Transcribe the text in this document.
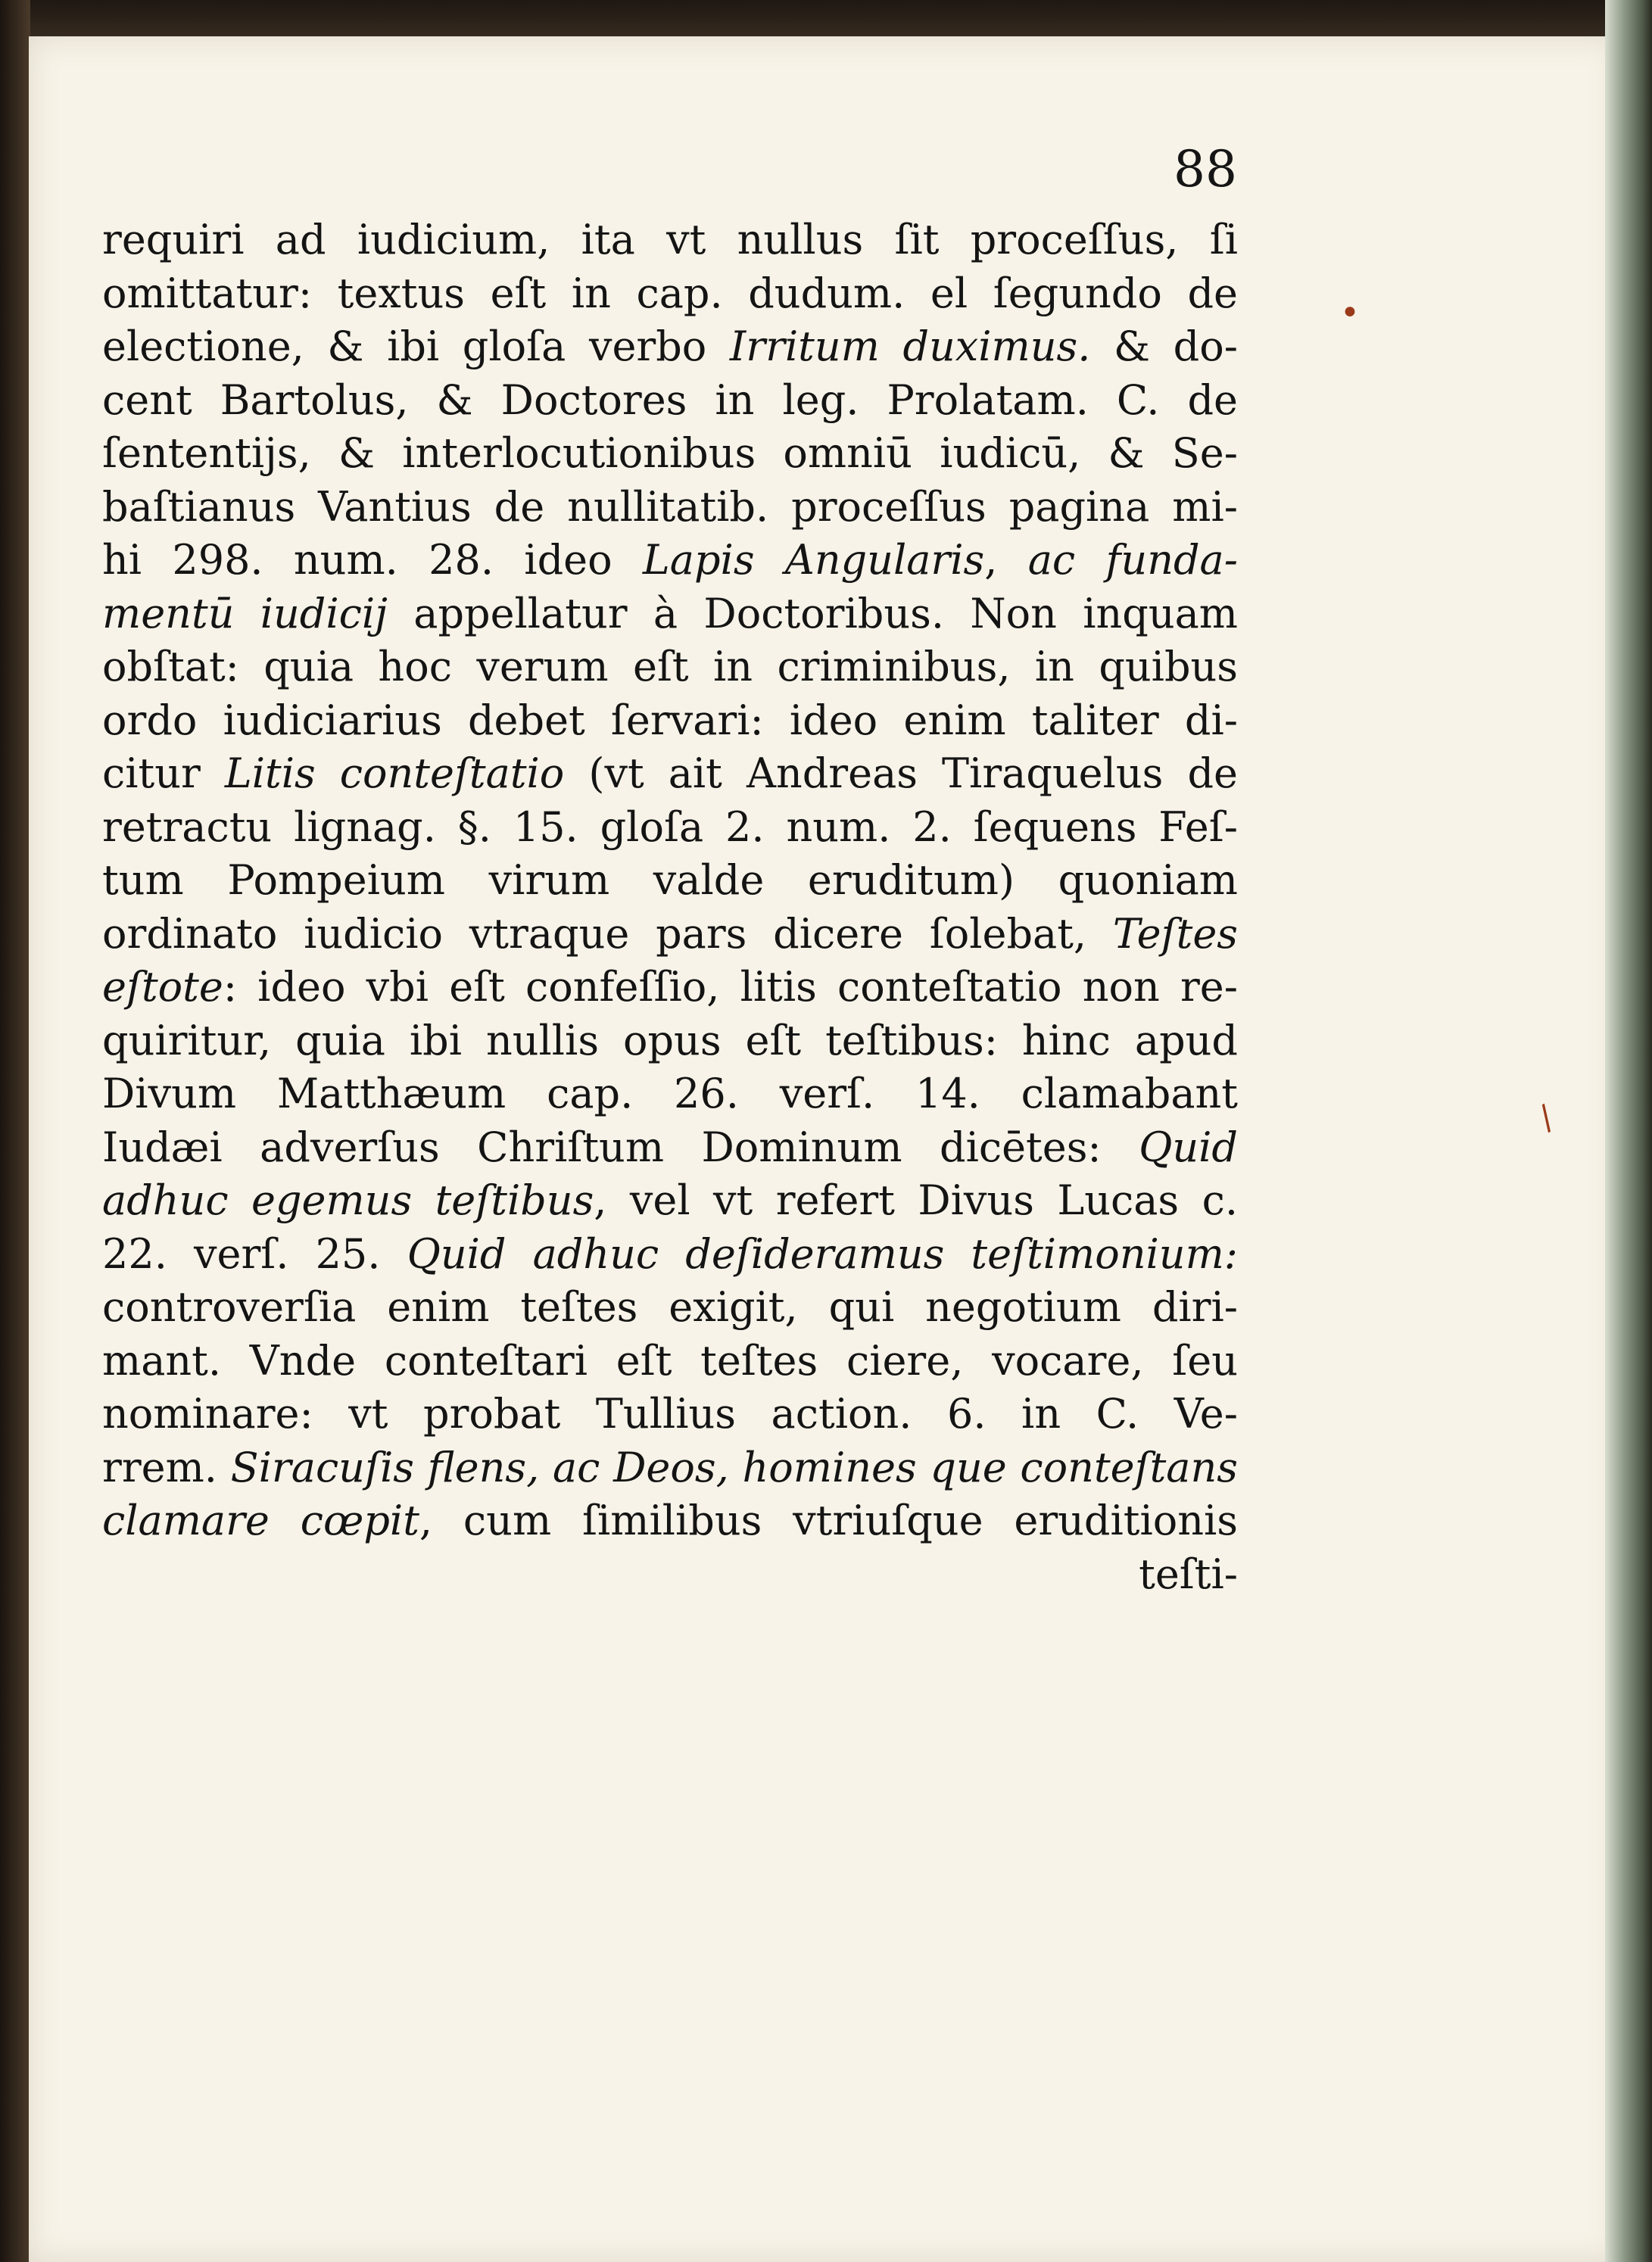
88
requiri ad iudicium, ita vt nullus ſit proceſſus, ſi
omittatur: textus eſt in cap. dudum. el ſegundo de
electione, & ibi gloſa verbo Irritum duximus. & do-
cent Bartolus, & Doctores in leg. Prolatam. C. de
ſententijs, & interlocutionibus omniū iudicū, & Se-
baſtianus Vantius de nullitatib. proceſſus pagina mi-
hi 298. num. 28. ideo Lapis Angularis, ac funda-
mentū iudicij appellatur à Doctoribus. Non inquam
obſtat: quia hoc verum eſt in criminibus, in quibus
ordo iudiciarius debet ſervari: ideo enim taliter di-
citur Litis conteſtatio (vt ait Andreas Tiraquelus de
retractu lignag. §. 15. gloſa 2. num. 2. ſequens Feſ-
tum Pompeium virum valde eruditum) quoniam
ordinato iudicio vtraque pars dicere ſolebat, Teſtes
eſtote: ideo vbi eſt confeſſio, litis conteſtatio non re-
quiritur, quia ibi nullis opus eſt teſtibus: hinc apud
Divum Matthæum cap. 26. verſ. 14. clamabant
Iudæi adverſus Chriſtum Dominum dicētes: Quid
adhuc egemus teſtibus, vel vt refert Divus Lucas c.
22. verſ. 25. Quid adhuc deſideramus teſtimonium:
controverſia enim teſtes exigit, qui negotium diri-
mant. Vnde conteſtari eſt teſtes ciere, vocare, ſeu
nominare: vt probat Tullius action. 6. in C. Ve-
rrem. Siracuſis flens, ac Deos, homines que conteſtans
clamare cœpit, cum ſimilibus vtriuſque eruditionis
teſti-
•
/
